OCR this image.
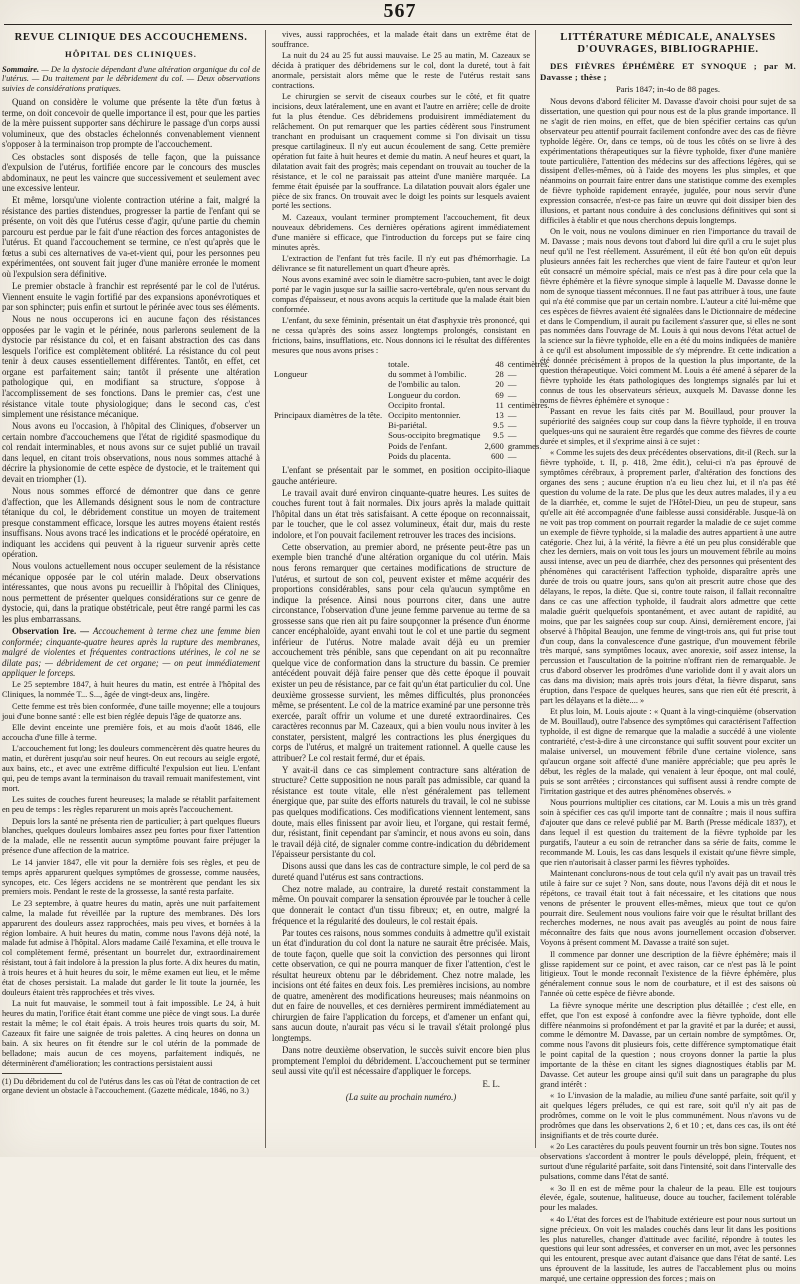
567
REVUE CLINIQUE DES ACCOUCHEMENS.
HÔPITAL DES CLINIQUES.
Sommaire. — De la dystocie dépendant d'une altération organique du col de l'utérus. — Du traitement par le débridement du col. — Deux observations suivies de considérations pratiques.

Quand on considère le volume que présente la tête d'un fœtus à terme, on doit concevoir de quelle importance il est, pour que les parties de la mère puissent supporter sans déchirure le passage d'un corps aussi volumineux, que des obstacles échelonnés convenablement viennent s'opposer à la terminaison trop prompte de l'accouchement.

Ces obstacles sont disposés de telle façon, que la puissance d'expulsion de l'utérus, fortifiée encore par le concours des muscles abdominaux, ne peut les vaincre que successivement et seulement avec une excessive lenteur.

Et même, lorsqu'une violente contraction utérine a fait, malgré la résistance des parties distendues, progresser la partie de l'enfant qui se présente, on voit dès que l'utérus cesse d'agir, qu'une partie du chemin parcouru est perdue par le fait d'une réaction des forces antagonistes de l'utérus. Et quand l'accouchement se termine, ce n'est qu'après que le fœtus a subi ces alternatives de va-et-vient qui, pour les personnes peu expérimentées, ont souvent fait juger d'une manière erronée le moment où l'expulsion sera définitive.

Le premier obstacle à franchir est représenté par le col de l'utérus. Viennent ensuite le vagin fortifié par des expansions aponévrotiques et par son sphincter; puis enfin et surtout le périnée avec tous ses éléments.

Nous ne nous occuperons ici en aucune façon des résistances opposées par le vagin et le périnée, nous parlerons seulement de la dystocie par résistance du col, et en faisant abstraction des cas dans lesquels l'orifice est complètement oblitéré. La résistance du col peut tenir à deux causes essentiellement différentes. Tantôt, en effet, cet organe est parfaitement sain; tantôt il présente une altération pathologique qui, en modifiant sa structure, s'oppose à l'accomplissement de ses fonctions. Dans le premier cas, c'est une résistance vitale toute physiologique; dans le second cas, c'est simplement une résistance mécanique.

Nous avons eu l'occasion, à l'hôpital des Cliniques, d'observer un certain nombre d'accouchemens que l'état de rigidité spasmodique du col rendait interminables, et nous avons sur ce sujet publié un travail dans lequel, en citant trois observations, nous nous sommes attaché à décrire la physionomie de cette espèce de dystocie, et le traitement qui devait en triompher (1).

Nous nous sommes efforcé de démontrer que dans ce genre d'affection, que les Allemands désignent sous le nom de contracture tétanique du col, le débridement constitue un moyen de traitement presque constamment efficace, lorsque les autres moyens étaient restés insuffisans. Nous avons tracé les indications et le procédé opératoire, en indiquant les accidens qui peuvent à la rigueur survenir après cette opération.

Nous voulons actuellement nous occuper seulement de la résistance mécanique opposée par le col utérin malade. Deux observations intéressantes, que nous avons pu recueillir à l'hôpital des Cliniques, nous permettent de présenter quelques considérations sur ce genre de dystocie, qui, dans la pratique obstétricale, peut être rangé parmi les cas les plus embarrassans.

Observation Ire. — Accouchement à terme chez une femme bien conformée; cinquante-quatre heures après la rupture des membranes, malgré de violentes et fréquentes contractions utérines, le col ne se dilate pas; — débridement de cet organe; — on peut immédiatement appliquer le forceps.

Le 25 septembre 1847, à huit heures du matin, est entrée à l'hôpital des Cliniques, la nommée T... S..., âgée de vingt-deux ans, lingère.

Cette femme est très bien conformée, d'une taille moyenne; elle a toujours joui d'une bonne santé : elle est bien réglée depuis l'âge de quatorze ans.

Elle devint enceinte une première fois, et au mois d'août 1846, elle accoucha d'une fille à terme.

L'accouchement fut long; les douleurs commencèrent dès quatre heures du matin, et durèrent jusqu'au soir neuf heures. On eut recours au seigle ergoté, aux bains, etc., et avec une extrême difficulté l'expulsion eut lieu. L'enfant qui, peu de temps avant la terminaison du travail remuait manifestement, vint mort.

Les suites de couches furent heureuses; la malade se rétablit parfaitement en peu de temps : les règles reparurent un mois après l'accouchement.

Depuis lors la santé ne présenta rien de particulier; à part quelques flueurs blanches, quelques douleurs lombaires assez peu fortes pour fixer l'attention de la malade, elle ne ressentit aucun symptôme pouvant faire préjuger la présence d'une affection de la matrice.

Le 14 janvier 1847, elle vit pour la dernière fois ses règles, et peu de temps après apparurent quelques symptômes de grossesse, comme nausées, syncopes, etc. Ces légers accidens ne se montrèrent que pendant les six premiers mois. Pendant le reste de la grossesse, la santé resta parfaite.

Le 23 septembre, à quatre heures du matin, après une nuit parfaitement calme, la malade fut réveillée par la rupture des membranes. Dès lors apparurent des douleurs assez rapprochées, mais peu vives, et bornées à la région lombaire. A huit heures du matin, comme nous l'avons déjà noté, la malade fut admise à l'hôpital. Alors madame Cailé l'examina, et elle trouva le col complètement fermé, présentant un bourrelet dur, extraordinairement résistant, tout à fait indolore à la pression la plus forte. A dix heures du matin, à trois heures et à huit heures du soir, le même examen eut lieu, et le même état de choses persistait. La malade dut garder le lit toute la journée, les douleurs étaient très rapprochées et très vives.

La nuit fut mauvaise, le sommeil tout à fait impossible. Le 24, à huit heures du matin, l'orifice était étant comme une pièce de vingt sous. La durée restait la même; le col était épais. A trois heures trois quarts du soir, M. Cazeaux fit faire une saignée de trois palettes. A cinq heures on donna un bain. A six heures on fit étendre sur le col utérin de la pommade de belladone; mais aucun de ces moyens, parfaitement indiqués, ne déterminèrent d'amélioration; les contractions persistaient aussi

(1) Du débridement du col de l'utérus dans les cas où l'état de contraction de cet organe devient un obstacle à l'accouchement. (Gazette médicale, 1846, no 3.)

vives, aussi rapprochées, et la malade était dans un extrême état de souffrance.

La nuit du 24 au 25 fut aussi mauvaise. Le 25 au matin, M. Cazeaux se décida à pratiquer des débridemens sur le col, dont la dureté, tout à fait anormale, persistait alors même que le reste de l'utérus restait sans contractions.

Le chirurgien se servit de ciseaux courbes sur le côté, et fit quatre incisions, deux latéralement, une en avant et l'autre en arrière; celle de droite fut la plus étendue. Ces débridemens produisirent immédiatement du relâchement. On put remarquer que les parties cédèrent sous l'instrument tranchant en produisant un craquement comme si l'on divisait un tissu presque cartilagineux. Il n'y eut aucun écoulement de sang. Cette première opération fut faite à huit heures et demie du matin. A neuf heures et quart, la dilatation avait fait des progrès; mais cependant on trouvait au toucher de la résistance, et le col ne paraissait pas atteint d'une manière marquée. La femme était épuisée par la souffrance. La dilatation pouvait alors égaler une pièce de six francs. On trouvait avec le doigt les points sur lesquels avaient porté les sections.

M. Cazeaux, voulant terminer promptement l'accouchement, fit deux nouveaux débridemens. Ces dernières opérations agirent immédiatement d'une manière si efficace, que l'introduction du forceps put se faire cinq minutes après.

L'extraction de l'enfant fut très facile. Il n'y eut pas d'hémorrhagie. La délivrance se fit naturellement un quart d'heure après.

Nous avons examiné avec soin le diamètre sacro-pubien, tant avec le doigt porté par le vagin jusque sur la saillie sacro-vertébrale, qu'en nous servant du compas d'épaisseur, et nous avons acquis la certitude que la malade était bien conformée.

L'enfant, du sexe féminin, présentait un état d'asphyxie très prononcé, qui ne cessa qu'après des soins assez longtemps prolongés, consistant en frictions, bains, insufflations, etc. Nous donnons ici le résultat des différentes mesures que nous avons prises :

	totale.	48	centimètres.
Longueur	du sommet à l'ombilic.	28	—
	de l'ombilic au talon.	20	—
	Longueur du cordon.	69	—
	Occipito frontal.	11	centimètres.
Principaux diamètres de la tête.	Occipito mentonnier.	13	—
	Bi-pariétal.	9.5	—
	Sous-occipito bregmatique	9.5	—
	Poids de l'enfant.	2,600	grammes.
	Poids du placenta.	600	—

L'enfant se présentait par le sommet, en position occipito-iliaque gauche antérieure.

Le travail avait duré environ cinquante-quatre heures. Les suites de couches furent tout à fait normales. Dix jours après la malade quittait l'hôpital dans un état très satisfaisant. A cette époque on reconnaissait, par le toucher, que le col assez volumineux, était dur, mais du reste indolore, et l'on pouvait facilement retrouver les traces des incisions.

Cette observation, au premier abord, ne présente peut-être pas un exemple bien tranché d'une altération organique du col utérin. Mais nous ferons remarquer que certaines modifications de structure de l'utérus, et surtout de son col, peuvent exister et même acquérir des proportions considérables, sans pour cela qu'aucun symptôme en indique la présence. Ainsi nous pourrons citer, dans une autre circonstance, l'observation d'une jeune femme parvenue au terme de sa grossesse sans que rien ait pu faire soupçonner la présence d'un énorme cancer encéphaloïde, ayant envahi tout le col et une partie du segment inférieur de l'utérus. Notre malade avait déjà eu un premier accouchement très pénible, sans que cependant on ait pu reconnaître quelque vice de conformation dans la structure du bassin. Ce premier antécédent pouvait déjà faire penser que dès cette époque il pouvait exister un peu de résistance, par ce fait qu'un état particulier du col. Une deuxième grossesse survient, les mêmes difficultés, plus prononcées même, se présentent. Le col de la matrice examiné par une personne très exercée, paraît offrir un volume et une dureté extraordinaires. Ces caractères reconnus par M. Cazeaux, qui a bien voulu nous inviter à les constater, persistent, malgré les contractions les plus énergiques du corps de l'utérus, et malgré un traitement rationnel. A quelle cause les attribuer? Le col restait fermé, dur et épais.

Y avait-il dans ce cas simplement contracture sans altération de structure? Cette supposition ne nous paraît pas admissible, car quand la résistance est toute vitale, elle n'est généralement pas tellement énergique que, par suite des efforts naturels du travail, le col ne subisse pas quelques modifications. Ces modifications viennent lentement, sans doute, mais elles finissent par avoir lieu, et l'organe, qui restait fermé, dur, résistant, finit cependant par s'amincir, et nous avons eu soin, dans le travail déjà cité, de signaler comme contre-indication du débridement l'épaisseur persistante du col.

Disons aussi que dans les cas de contracture simple, le col perd de sa dureté quand l'utérus est sans contractions.

Chez notre malade, au contraire, la dureté restait constamment la même. On pouvait comparer la sensation éprouvée par le toucher à celle que donnerait le contact d'un tissu fibreux; et, en outre, malgré la fréquence et la régularité des douleurs, le col restait épais.

Par toutes ces raisons, nous sommes conduits à admettre qu'il existait un état d'induration du col dont la nature ne saurait être précisée. Mais, de toute façon, quelle que soit la conviction des personnes qui liront cette observation, ce qui ne pourra manquer de fixer l'attention, c'est le résultat heureux obtenu par le débridement. Chez notre malade, les incisions ont été faites en deux fois. Les premières incisions, au nombre de quatre, amenèrent des modifications heureuses; mais néanmoins on dut en faire de nouvelles, et ces dernières permirent immédiatement au chirurgien de faire l'application du forceps, et d'amener un enfant qui, sans aucun doute, n'aurait pas vécu si le travail s'était prolongé plus longtemps.

Dans notre deuxième observation, le succès suivit encore bien plus promptement l'emploi du débridement. L'accouchement put se terminer seul aussi vite qu'il est nécessaire d'appliquer le forceps.

E. L.
(La suite au prochain numéro.)
LITTÉRATURE MÉDICALE, ANALYSES D'OUVRAGES, BIBLIOGRAPHIE.

DES FIÈVRES ÉPHÉMÈRE ET SYNOQUE ; par M. Davasse ; thèse ;

Paris 1847; in-4o de 88 pages.

Nous devons d'abord féliciter M. Davasse d'avoir choisi pour sujet de sa dissertation, une question qui pour nous est de la plus grande importance. Il ne s'agit de rien moins, en effet, que de bien spécifier certains cas qu'un observateur peu attentif pourrait facilement confondre avec des cas de fièvre typhoïde légère. Or, dans ce temps, où de tous les côtés on se livre à des expérimentations thérapeutiques sur la fièvre typhoïde, fixer d'une manière toute particulière, l'attention des médecins sur des affections légères, qui se dissipent d'elles-mêmes, où à l'aide des moyens les plus simples, et que néanmoins on pourrait faire entrer dans une statistique comme des exemples de fièvre typhoïde rapidement enrayée, jugulée, pour nous servir d'une expression consacrée, n'est-ce pas faire un œuvre qui doit dissiper bien des illusions, et partant nous conduire à des conclusions définitives qui sont si difficiles à établir et que nous cherchons depuis longtemps.

On le voit, nous ne voulons diminuer en rien l'importance du travail de M. Davasse ; mais nous devons tout d'abord lui dire qu'il a cru le sujet plus neuf qu'il ne l'est réellement. Assurément, il eût été bon qu'on eût depuis plusieurs années fait les recherches que vient de faire l'auteur et qu'on leur eût consacré un mémoire spécial, mais ce n'est pas à dire pour cela que la fièvre éphémère et la fièvre synoque simple à laquelle M. Davasse donne le nom de synoque tiassent méconnues. Il ne faut pas attribuer à tous, une faute qui n'a été commise que par un certain nombre. L'auteur a cité lui-même que ces espèces de fièvres avaient été signalées dans le Dictionnaire de médecine et dans le Compendium, il aurait pu facilement s'assurer que, si elles ne sont pas nommées dans l'ouvrage de M. Louis à qui nous devons l'état actuel de la science sur la fièvre typhoïde, elle en a été du moins indiquées de manière à ce qu'il est absolument impossible de s'y méprendre. Et cette indication a été donnée précisément à propos de la question la plus importante, de la question thérapeutique. Voici comment M. Louis a été amené à séparer de la fièvre typhoïde les états pathologiques des longtemps signalés par lui et connus de tous les observateurs sérieux, auxquels M. Davasse donne les noms de fièvres éphémère et synoque :

Passant en revue les faits cités par M. Bouillaud, pour prouver la supériorité des saignées coup sur coup dans la fièvre typhoïde, il en trouva quelques-uns qui ne sauraient être regardés que comme des fièvres de courte durée et simples, et il s'exprime ainsi à ce sujet :

« Comme les sujets des deux précédentes observations, dit-il (Rech. sur la fièvre typhoïde, t. II, p. 418, 2me édit.), celui-ci n'a pas éprouvé de symptômes cérébraux, à proprement parler, d'altération des fonctions des organes des sens ; aucune éruption n'a eu lieu chez lui, et il n'a pas été question du volume de la rate. De plus que les deux autres malades, il y a eu de la diarrhée, et, comme le sujet de l'Hôtel-Dieu, un peu de stupeur, sans qu'elle ait été accompagnée d'une faiblesse aussi considérable. Jusque-là on ne voit pas trop comment on pourrait regarder la maladie de ce sujet comme un exemple de fièvre typhoïde, si la maladie des autres appartient à une autre catégorie. Chez lui, à la vérité, la fièvre a été un peu plus considérable que chez les derniers, mais on voit tous les jours un mouvement fébrile au moins aussi intense, avec un peu de diarrhée, chez des personnes qui présentent des phénomènes qui caractérisent l'affection typhoïde, disparaître après une durée de trois ou quatre jours, sans qu'on ait prescrit autre chose que des délayans, le repos, la diète. Que si, contre toute raison, il fallait reconnaître dans ce cas une affection typhoïde, il faudrait alors admettre que cette maladie guérit quelquefois spontanément, et avec autant de rapidité, au moins, que par les saignées coup sur coup. Ainsi, dernièrement encore, j'ai observé à l'hôpital Beaujon, une femme de vingt-trois ans, qui fut prise tout d'un coup, dans la convalescence d'une gastrique, d'un mouvement fébrile très marqué, sans symptômes locaux, avec anorexie, soif assez intense, la percussion et l'auscultation de la poitrine n'offrant rien de remarquable. Je crus d'abord observer les prodrômes d'une variolide dont il y avait alors un cas dans ma division; mais après trois jours d'état, la fièvre disparut, sans éruption, dans l'espace de quelques heures, sans que rien eût été prescrit, à part les délayans et la diète.... »

Et plus loin, M. Louis ajoute : « Quant à la vingt-cinquième (observation de M. Bouillaud), outre l'absence des symptômes qui caractérisent l'affection typhoïde, il est digne de remarque que la maladie a succédé à une violente contrariété, c'est-à-dire à une circonstance qui suffit souvent pour exciter un malaise universel, un mouvement fébrile d'une certaine violence, sans qu'aucun organe soit affecté d'une manière appréciable; que peu après le début, les règles de la malade, qui venaient à leur époque, ont mal coulé, puis se sont arrêtées ; circonstances qui suffisent aussi à rendre compte de l'irritation gastrique et des autres phénomènes observés. »

Nous pourrions multiplier ces citations, car M. Louis a mis un très grand soin à spécifier ces cas qu'il importe tant de connaître ; mais il nous suffira d'ajouter que dans ce relevé publié par M. Barth (Presse médicale 1837), et dans lequel il est question du traitement de la fièvre typhoïde par les purgatifs, l'auteur a eu soin de retrancher dans sa série de faits, comme le recommande M. Louis, les cas dans lesquels il existait qu'une fièvre simple, que rien n'autorisait à classer parmi les fièvres typhoïdes.

Maintenant conclurons-nous de tout cela qu'il n'y avait pas un travail très utile à faire sur ce sujet ? Non, sans doute, nous l'avons déjà dit et nous le répétons, ce travail était tout à fait nécessaire, et les citations que nous venons de présenter le prouvent elles-mêmes, mieux que tout ce qu'on pourrait dire. Seulement nous voulions faire voir que le résultat brillant des recherches modernes, ne nous avait pas aveuglés au point de nous faire méconnaître des faits que nous avons journellement occasion d'observer. Voyons à présent comment M. Davasse a traité son sujet.

Il commence par donner une description de la fièvre éphémère; mais il glisse rapidement sur ce point, et avec raison, car ce n'est pas là le point litigieux. Tout le monde reconnaît l'existence de la fièvre éphémère, plus généralement connue sous le nom de courbature, et il est des saisons où l'année où cette espèce de fièvre abonde.

La fièvre synoque mérite une description plus détaillée ; c'est elle, en effet, que l'on est exposé à confondre avec la fièvre typhoïde, dont elle diffère néanmoins si profondément et par la gravité et par la durée; et aussi, comme le démontre M. Davasse, par un certain nombre de symptômes. Or, comme nous l'avons dit plusieurs fois, cette différence symptomatique était le point capital de la question ; nous croyons donner la partie la plus importante de la thèse en citant les signes diagnostiques établis par M. Davasse. Cet auteur les groupe ainsi qu'il suit dans un paragraphe du plus grand intérêt :

« 1o L'invasion de la maladie, au milieu d'une santé parfaite, soit qu'il y ait quelques légers préludes, ce qui est rare, soit qu'il n'y ait pas de prodrômes, comme on le voit le plus communément. Nous n'avons vu de prodrômes que dans les observations 2, 6 et 10 ; et, dans ces cas, ils ont été insignifiants et de très courte durée.

« 2o Les caractères du pouls peuvent fournir un très bon signe. Toutes nos observations s'accordent à montrer le pouls développé, plein, fréquent, et surtout d'une régularité parfaite, soit dans l'intensité, soit dans l'intervalle des pulsations, comme dans l'état de santé.

« 3o Il en est de même pour la chaleur de la peau. Elle est toujours élevée, égale, soutenue, halitueuse, douce au toucher, facilement tolérable pour les malades.

« 4o L'état des forces est de l'habitude extérieure est pour nous surtout un signe précieux. On voit les malades couchés dans leur lit dans les positions les plus naturelles, changer d'attitude avec facilité, répondre à toutes les questions qui leur sont adressées, et converser en un mot, avec les personnes qui les entourent, presque avec autant d'aisance que dans l'état de santé. Les uns éprouvent de la lassitude, les autres de l'accablement plus ou moins marqué, une certaine oppression des forces ; mais on
